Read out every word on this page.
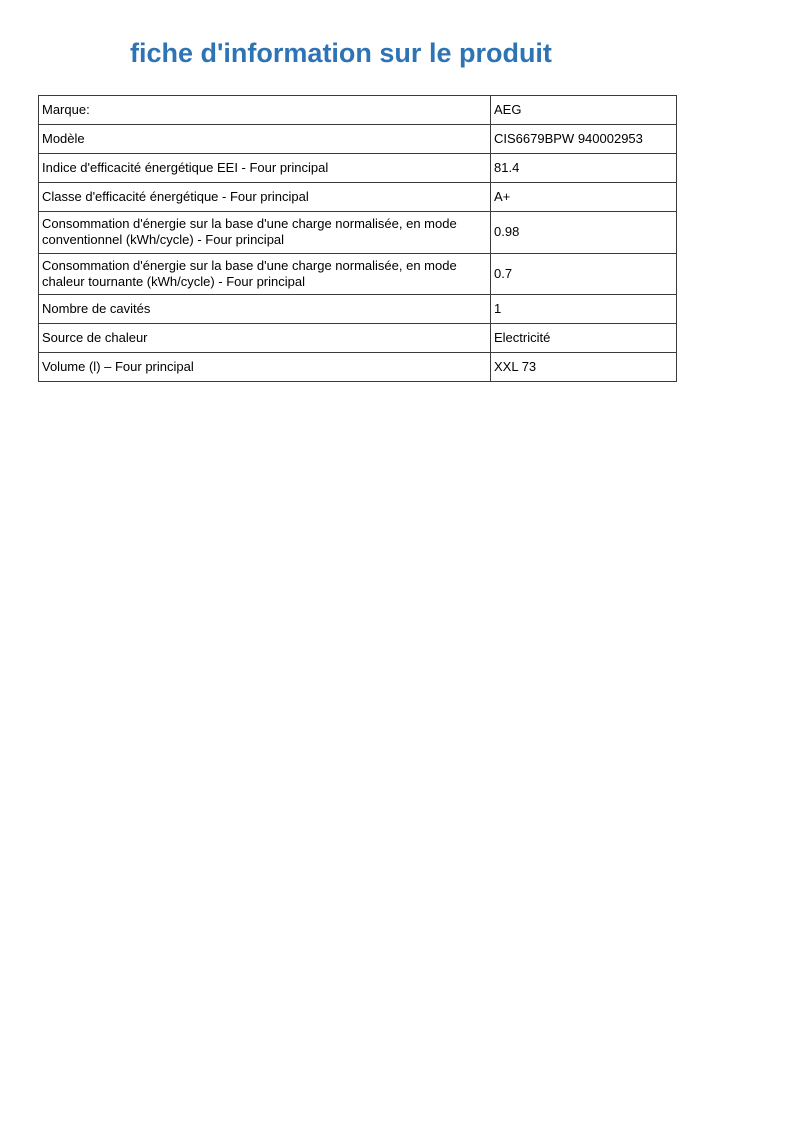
fiche d'information sur le produit
Marque:	AEG
Modèle	CIS6679BPW 940002953
Indice d'efficacité énergétique EEI - Four principal	81.4
Classe d'efficacité énergétique - Four principal	A+
Consommation d'énergie sur la base d'une charge normalisée, en mode conventionnel (kWh/cycle) - Four principal	0.98
Consommation d'énergie sur la base d'une charge normalisée, en mode chaleur tournante (kWh/cycle) - Four principal	0.7
Nombre de cavités	1
Source de chaleur	Electricité
Volume (l) – Four principal	XXL 73
